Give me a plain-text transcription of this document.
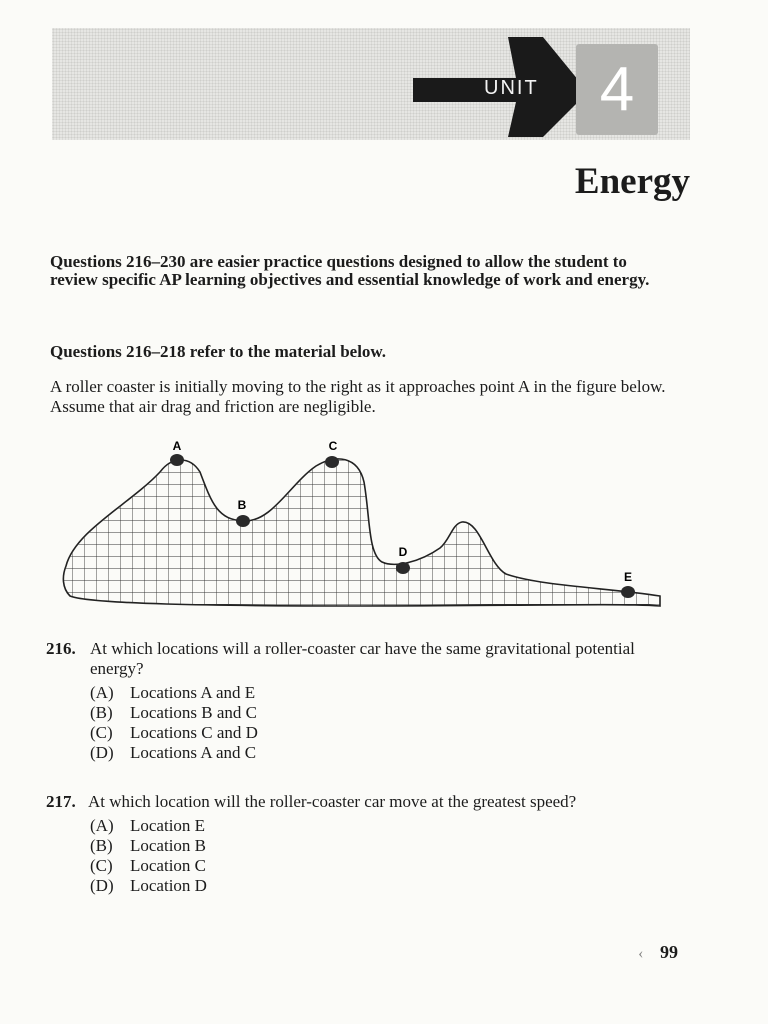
UNIT 4
Energy

Questions 216–230 are easier practice questions designed to allow the student to review specific AP learning objectives and essential knowledge of work and energy.

Questions 216–218 refer to the material below.

A roller coaster is initially moving to the right as it approaches point A in the figure below. Assume that air drag and friction are negligible.

A
B
C
D
E
216. At which locations will a roller-coaster car have the same gravitational potential energy?

(A) Locations A and E
(B)	Locations B and C
(C)	Locations C and D
(D) Locations A and C
217. At which location will the roller-coaster car move at the greatest speed?

(A) Location E
(B)	Location B
(C)	Location C
(D) Location D
‹ 99
